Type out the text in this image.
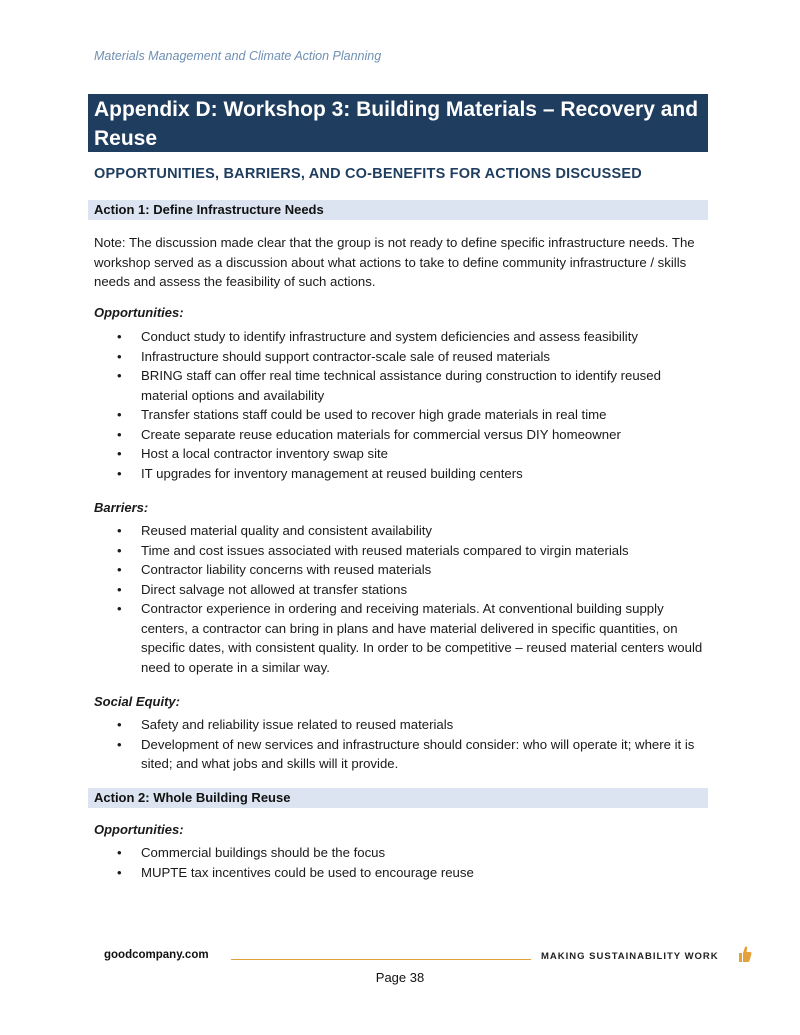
Materials Management and Climate Action Planning
Appendix D: Workshop 3: Building Materials – Recovery and Reuse
OPPORTUNITIES, BARRIERS, AND CO-BENEFITS FOR ACTIONS DISCUSSED
Action 1: Define Infrastructure Needs
Note: The discussion made clear that the group is not ready to define specific infrastructure needs. The workshop served as a discussion about what actions to take to define community infrastructure / skills needs and assess the feasibility of such actions.
Opportunities:
• Conduct study to identify infrastructure and system deficiencies and assess feasibility
• Infrastructure should support contractor-scale sale of reused materials
• BRING staff can offer real time technical assistance during construction to identify reused material options and availability
• Transfer stations staff could be used to recover high grade materials in real time
• Create separate reuse education materials for commercial versus DIY homeowner
• Host a local contractor inventory swap site
• IT upgrades for inventory management at reused building centers
Barriers:
• Reused material quality and consistent availability
• Time and cost issues associated with reused materials compared to virgin materials
• Contractor liability concerns with reused materials
• Direct salvage not allowed at transfer stations
• Contractor experience in ordering and receiving materials. At conventional building supply centers, a contractor can bring in plans and have material delivered in specific quantities, on specific dates, with consistent quality. In order to be competitive – reused material centers would need to operate in a similar way.
Social Equity:
• Safety and reliability issue related to reused materials
• Development of new services and infrastructure should consider: who will operate it; where it is sited; and what jobs and skills will it provide.
Action 2: Whole Building Reuse
Opportunities:
• Commercial buildings should be the focus
• MUPTE tax incentives could be used to encourage reuse
goodcompany.com	MAKING SUSTAINABILITY WORK
Page 38
